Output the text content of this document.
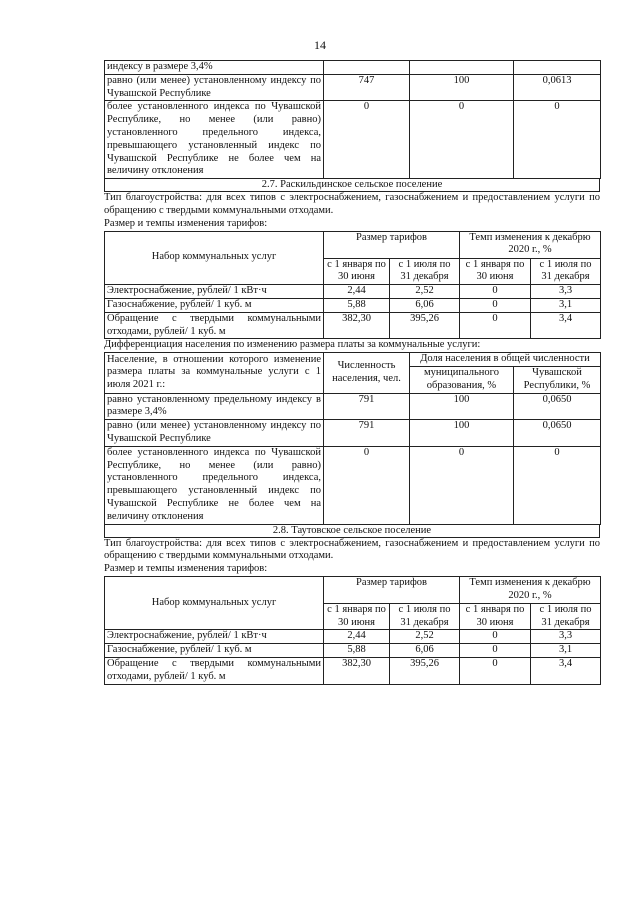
14
индексу в размере 3,4%			
равно (или менее) установленному индексу по Чувашской Республике	747	100	0,0613
более установленного индекса по Чувашской Республике, но менее (или равно) установленного предельного индекса, превышающего установленный индекс по Чувашской Республике не более чем на величину отклонения	0	0	0
2.7. Раскильдинское сельское поселение

Тип благоустройства: для всех типов с электроснабжением, газоснабжением и предоставлением услуги по обращению с твердыми коммунальными отходами.

Размер и темпы изменения тарифов:

Набор коммунальных услуг	Размер тарифов		Темп изменения к декабрю 2020 г., %	
	с 1 января по 30 июня	с 1 июля по 31 декабря	с 1 января по 30 июня	с 1 июля по 31 декабря
Электроснабжение, рублей/ 1 кВт·ч	2,44	2,52	0	3,3
Газоснабжение, рублей/ 1 куб. м	5,88	6,06	0	3,1
Обращение с твердыми коммунальными отходами, рублей/ 1 куб. м	382,30	395,26	0	3,4

Дифференциация населения по изменению размера платы за коммунальные услуги:

Население, в отношении которого изменение размера платы за коммунальные услуги с 1 июля 2021 г.:	Численность населения, чел.	Доля населения в общей численности	
		муниципального образования, %	Чувашской Республики, %
равно установленному предельному индексу в размере 3,4%	791	100	0,0650
равно (или менее) установленному индексу по Чувашской Республике	791	100	0,0650
более установленного индекса по Чувашской Республике, но менее (или равно) установленного предельного индекса, превышающего установленный индекс по Чувашской Республике не более чем на величину отклонения	0	0	0
2.8. Таутовское сельское поселение

Тип благоустройства: для всех типов с электроснабжением, газоснабжением и предоставлением услуги по обращению с твердыми коммунальными отходами.

Размер и темпы изменения тарифов:

Набор коммунальных услуг	Размер тарифов		Темп изменения к декабрю 2020 г., %	
	с 1 января по 30 июня	с 1 июля по 31 декабря	с 1 января по 30 июня	с 1 июля по 31 декабря
Электроснабжение, рублей/ 1 кВт·ч	2,44	2,52	0	3,3
Газоснабжение, рублей/ 1 куб. м	5,88	6,06	0	3,1
Обращение с твердыми коммунальными отходами, рублей/ 1 куб. м	382,30	395,26	0	3,4
